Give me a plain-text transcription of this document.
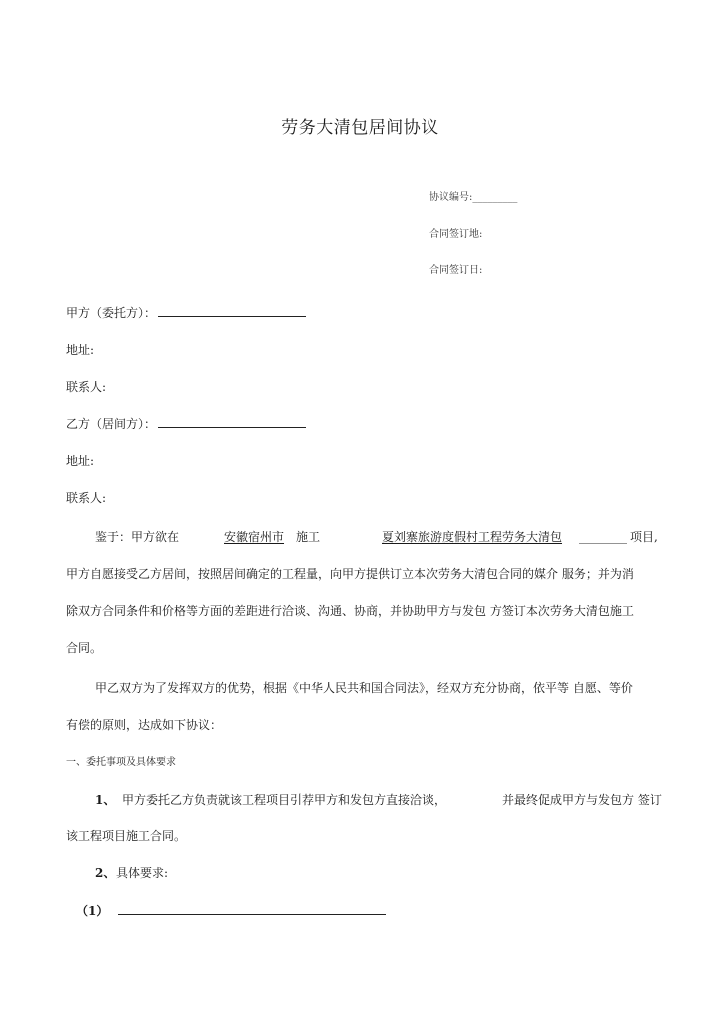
劳务大清包居间协议
协议编号:_________
合同签订地:
合同签订日:
甲方（委托方）：
地址:
联系人:
乙方（居间方）：
地址:
联系人:
鉴于：甲方欲在	安徽宿州市 施工	夏刘寨旅游度假村工程劳务大清包 ________ 项目,
甲方自愿接受乙方居间，按照居间确定的工程量，向甲方提供订立本次劳务大清包合同的媒介 服务；并为消
除双方合同条件和价格等方面的差距进行洽谈、沟通、协商，并协助甲方与发包 方签订本次劳务大清包施工
合同。
甲乙双方为了发挥双方的优势，根据《中华人民共和国合同法》，经双方充分协商，依平等 自愿、等价
有偿的原则，达成如下协议：
一、委托事项及具体要求
1、 甲方委托乙方负责就该工程项目引荐甲方和发包方直接洽谈，	并最终促成甲方与发包方 签订
该工程项目施工合同。
2、 具体要求:
（1）
